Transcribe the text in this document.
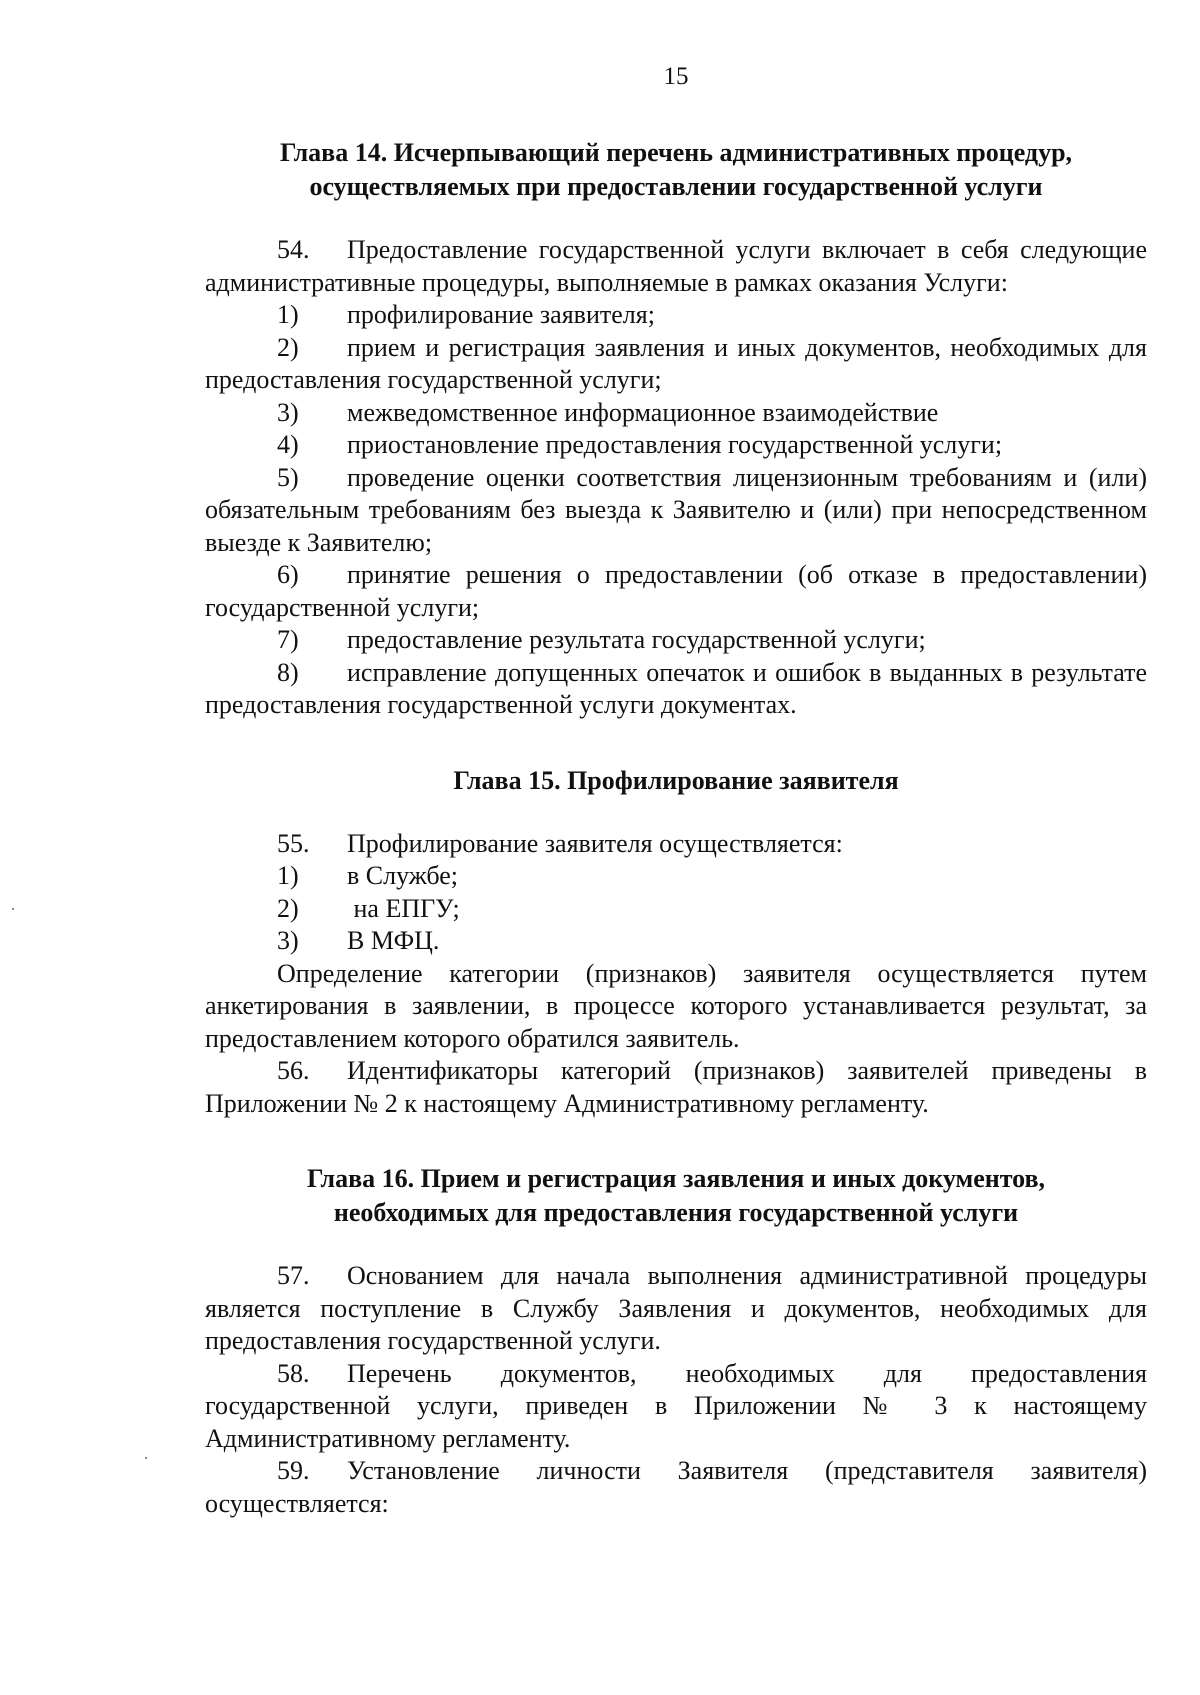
15
Глава 14. Исчерпывающий перечень административных процедур,
осуществляемых при предоставлении государственной услуги

54. Предоставление государственной услуги включает в себя следующие административные процедуры, выполняемые в рамках оказания Услуги:

1) профилирование заявителя;

2) прием и регистрация заявления и иных документов, необходимых для предоставления государственной услуги;

3) межведомственное информационное взаимодействие

4) приостановление предоставления государственной услуги;

5) проведение оценки соответствия лицензионным требованиям и (или) обязательным требованиям без выезда к Заявителю и (или) при непосредственном выезде к Заявителю;

6) принятие решения о предоставлении (об отказе в предоставлении) государственной услуги;

7) предоставление результата государственной услуги;

8) исправление допущенных опечаток и ошибок в выданных в результате предоставления государственной услуги документах.

Глава 15. Профилирование заявителя

55. Профилирование заявителя осуществляется:

1) в Службе;

2) на ЕПГУ;

3) В МФЦ.

Определение категории (признаков) заявителя осуществляется путем анкетирования в заявлении, в процессе которого устанавливается результат, за предоставлением которого обратился заявитель.

56. Идентификаторы категорий (признаков) заявителей приведены в Приложении № 2 к настоящему Административному регламенту.

Глава 16. Прием и регистрация заявления и иных документов,
необходимых для предоставления государственной услуги

57. Основанием для начала выполнения административной процедуры является поступление в Службу Заявления и документов, необходимых для предоставления государственной услуги.

58. Перечень документов, необходимых для предоставления государственной услуги, приведен в Приложении № 3 к настоящему Административному регламенту.

59. Установление личности Заявителя (представителя заявителя) осуществляется:
